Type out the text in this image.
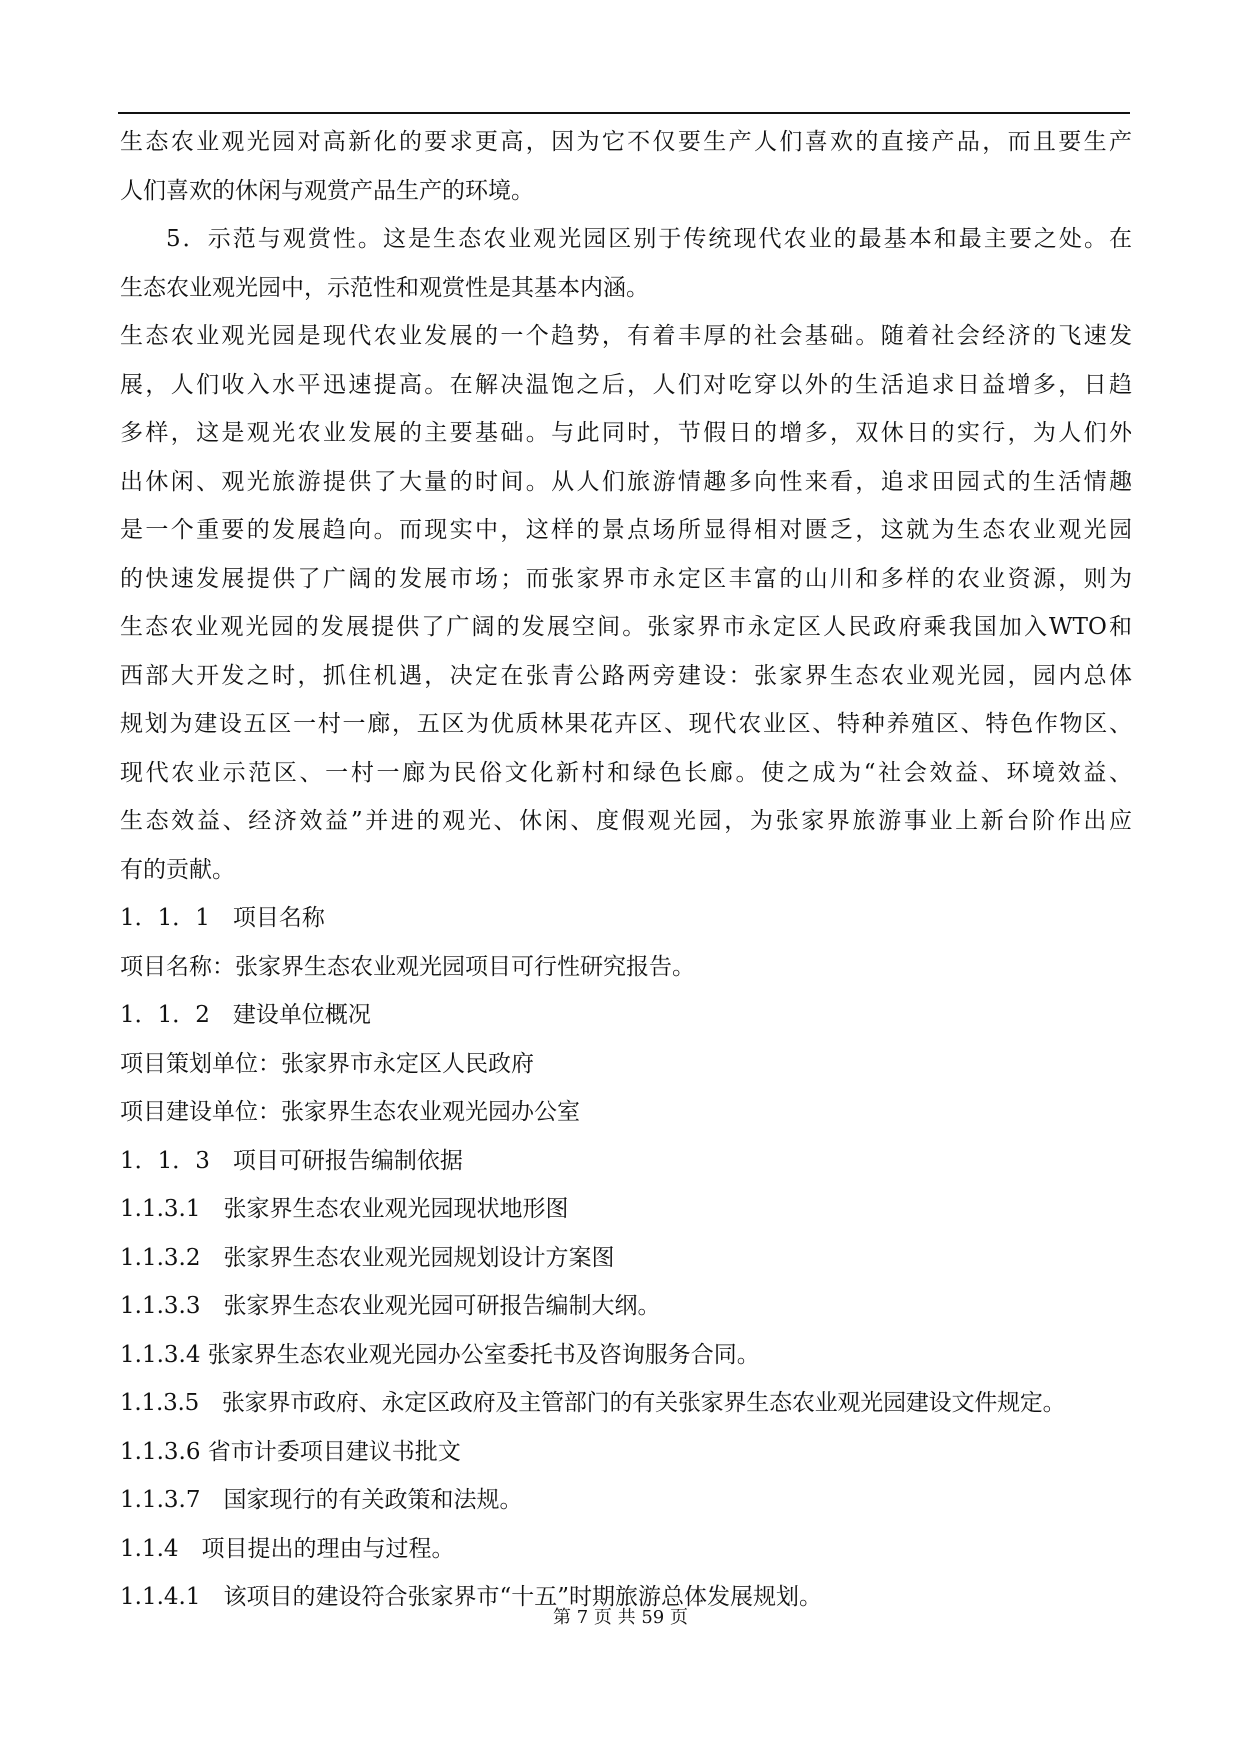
生态农业观光园对高新化的要求更高，因为它不仅要生产人们喜欢的直接产品，而且要生产
人们喜欢的休闲与观赏产品生产的环境。
5．示范与观赏性。这是生态农业观光园区别于传统现代农业的最基本和最主要之处。在
生态农业观光园中，示范性和观赏性是其基本内涵。
生态农业观光园是现代农业发展的一个趋势，有着丰厚的社会基础。随着社会经济的飞速发
展，人们收入水平迅速提高。在解决温饱之后，人们对吃穿以外的生活追求日益增多，日趋
多样，这是观光农业发展的主要基础。与此同时，节假日的增多，双休日的实行，为人们外
出休闲、观光旅游提供了大量的时间。从人们旅游情趣多向性来看，追求田园式的生活情趣
是一个重要的发展趋向。而现实中，这样的景点场所显得相对匮乏，这就为生态农业观光园
的快速发展提供了广阔的发展市场；而张家界市永定区丰富的山川和多样的农业资源，则为
生态农业观光园的发展提供了广阔的发展空间。张家界市永定区人民政府乘我国加入WTO和
西部大开发之时，抓住机遇，决定在张青公路两旁建设：张家界生态农业观光园，园内总体
规划为建设五区一村一廊，五区为优质林果花卉区、现代农业区、特种养殖区、特色作物区、
现代农业示范区、一村一廊为民俗文化新村和绿色长廊。使之成为“社会效益、环境效益、
生态效益、经济效益”并进的观光、休闲、度假观光园，为张家界旅游事业上新台阶作出应
有的贡献。
1．1．1　项目名称
项目名称：张家界生态农业观光园项目可行性研究报告。
1．1．2　建设单位概况
项目策划单位：张家界市永定区人民政府
项目建设单位：张家界生态农业观光园办公室
1．1．3　项目可研报告编制依据
1.1.3.1　张家界生态农业观光园现状地形图
1.1.3.2　张家界生态农业观光园规划设计方案图
1.1.3.3　张家界生态农业观光园可研报告编制大纲。
1.1.3.4 张家界生态农业观光园办公室委托书及咨询服务合同。
1.1.3.5　张家界市政府、永定区政府及主管部门的有关张家界生态农业观光园建设文件规定。
1.1.3.6 省市计委项目建议书批文
1.1.3.7　国家现行的有关政策和法规。
1.1.4　项目提出的理由与过程。
1.1.4.1　该项目的建设符合张家界市“十五”时期旅游总体发展规划。
第 7 页 共 59 页
